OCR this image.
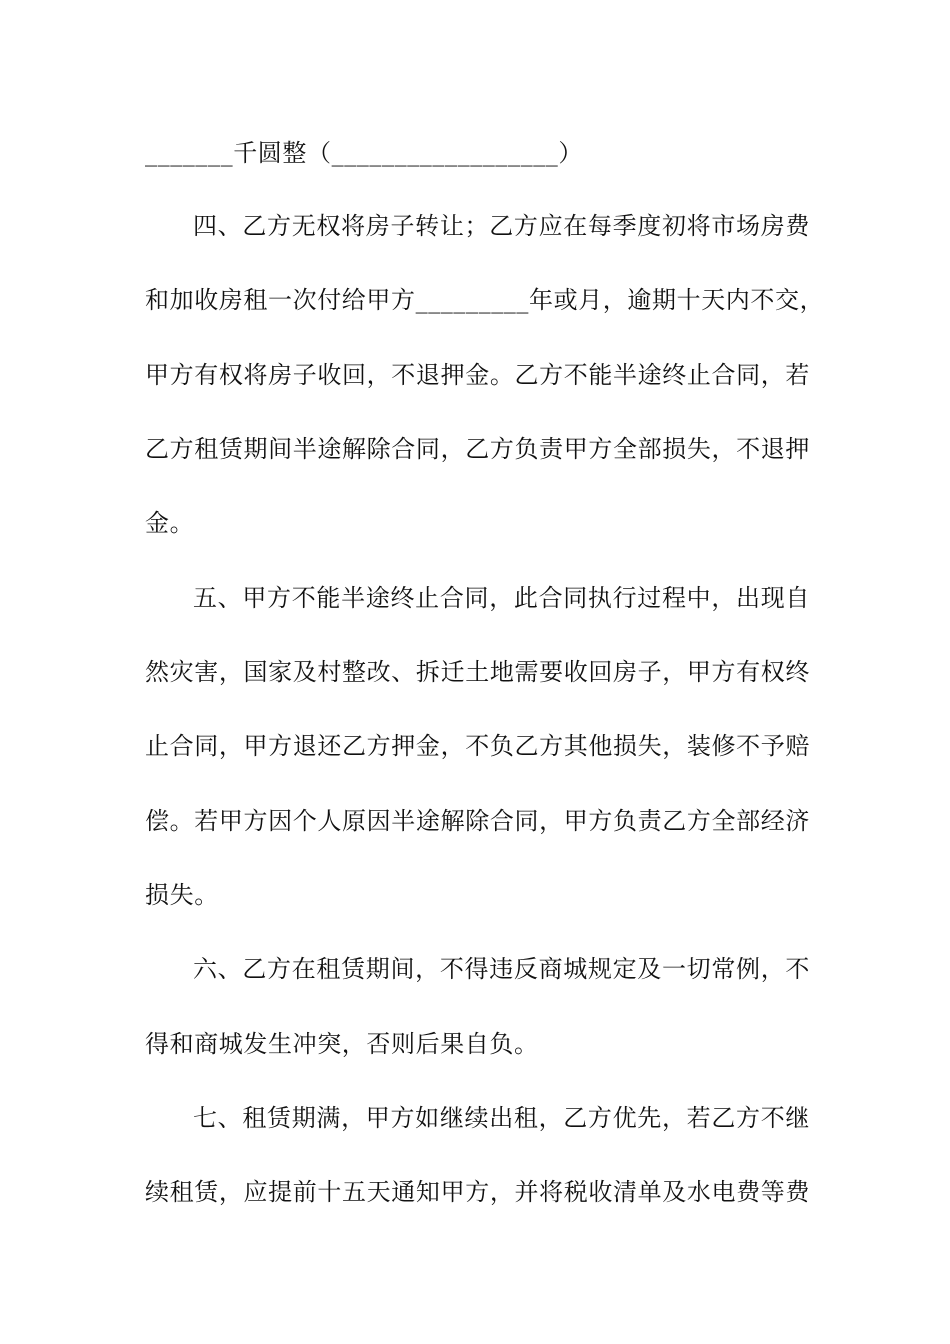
_______千圆整（__________________）
四、乙方无权将房子转让；乙方应在每季度初将市场房费
和加收房租一次付给甲方_________年或月，逾期十天内不交，
甲方有权将房子收回，不退押金。乙方不能半途终止合同，若
乙方租赁期间半途解除合同，乙方负责甲方全部损失，不退押
金。
五、甲方不能半途终止合同，此合同执行过程中，出现自
然灾害，国家及村整改、拆迁土地需要收回房子，甲方有权终
止合同，甲方退还乙方押金，不负乙方其他损失，装修不予赔
偿。若甲方因个人原因半途解除合同，甲方负责乙方全部经济
损失。
六、乙方在租赁期间，不得违反商城规定及一切常例，不
得和商城发生冲突，否则后果自负。
七、租赁期满，甲方如继续出租，乙方优先，若乙方不继
续租赁，应提前十五天通知甲方，并将税收清单及水电费等费
